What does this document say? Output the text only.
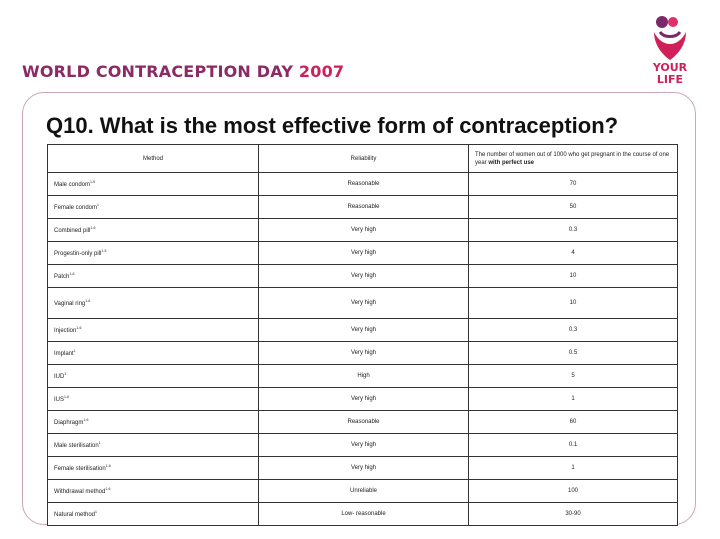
WORLD CONTRACEPTION DAY 2007	YOUR
LIFE
Q10. What is the most effective form of contraception?
Method	Reliability	The number of women out of 1000 who get pregnant in the course of one year with perfect use
Male condom$^{1-5}$	Reasonable	70
Female condom$^1$	Reasonable	50
Combined pill$^{1-6}$	Very high	0.3
Progestin-only pill$^{1-5}$	Very high	4
Patch$^{1-6}$	Very high	10
Vaginal ring$^{1-6}$	Very high	10
Injection$^{1-6}$	Very high	0.3
Implant$^1$	Very high	0.5
IUD$^1$	High	5
IUS$^{1-6}$	Very high	1
Diaphragm$^{1-6}$	Reasonable	60
Male sterilisation$^1$	Very high	0.1
Female sterilisation$^{1-6}$	Very high	1
Withdrawal method$^{1-6}$	Unreliable	100
Natural method$^1$	Low- reasonable	30-90
